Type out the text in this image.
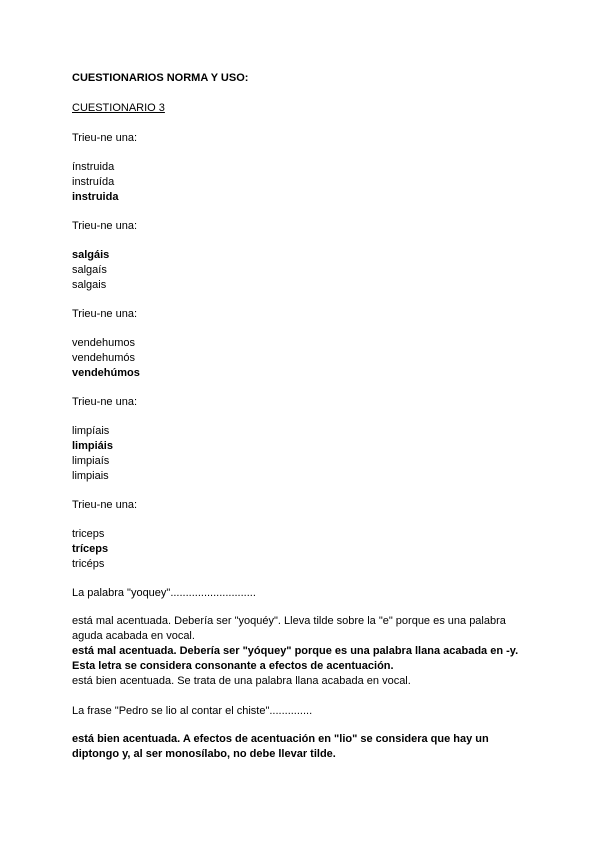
CUESTIONARIOS NORMA Y USO:
CUESTIONARIO 3
Trieu-ne una:
ínstruida
instruída
instruida
Trieu-ne una:
salgáis
salgaís
salgais
Trieu-ne una:
vendehumos
vendehumós
vendehúmos
Trieu-ne una:
limpíais
limpiáis
limpiaís
limpiais
Trieu-ne una:
triceps
tríceps
tricéps
La palabra "yoquey"............................
está mal acentuada. Debería ser "yoquéy". Lleva tilde sobre la "e" porque es una palabra aguda acabada en vocal.
está mal acentuada. Debería ser "yóquey" porque es una palabra llana acabada en -y. Esta letra se considera consonante a efectos de acentuación.
está bien acentuada. Se trata de una palabra llana acabada en vocal.
La frase "Pedro se lio al contar el chiste"..............
está bien acentuada. A efectos de acentuación en "lio" se considera que hay un diptongo y, al ser monosílabo, no debe llevar tilde.
